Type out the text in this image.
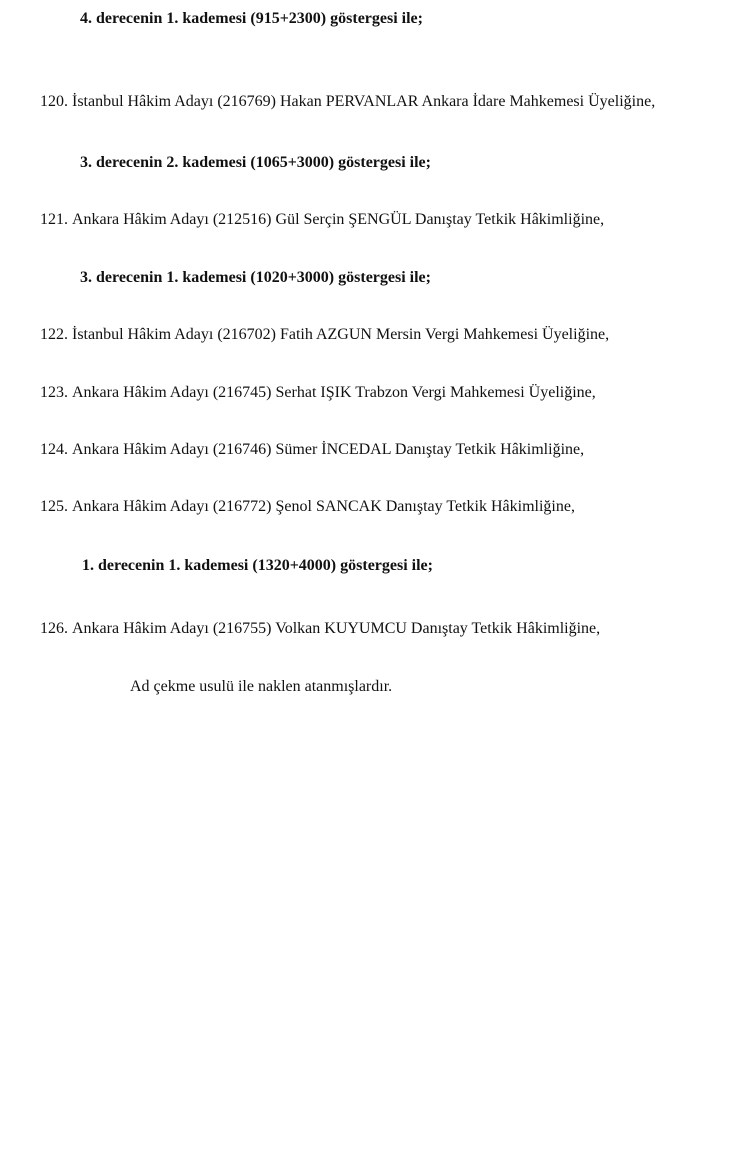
4. derecenin 1. kademesi (915+2300) göstergesi ile;
120. İstanbul Hâkim Adayı (216769) Hakan PERVANLAR Ankara İdare Mahkemesi Üyeliğine,
3. derecenin 2. kademesi (1065+3000) göstergesi ile;
121. Ankara Hâkim Adayı (212516) Gül Serçin ŞENGÜL Danıştay Tetkik Hâkimliğine,
3. derecenin 1. kademesi (1020+3000) göstergesi ile;
122. İstanbul Hâkim Adayı (216702) Fatih AZGUN Mersin Vergi Mahkemesi Üyeliğine,
123. Ankara Hâkim Adayı (216745) Serhat IŞIK Trabzon Vergi Mahkemesi Üyeliğine,
124. Ankara Hâkim Adayı (216746) Sümer İNCEDAL Danıştay Tetkik Hâkimliğine,
125. Ankara Hâkim Adayı (216772) Şenol SANCAK Danıştay Tetkik Hâkimliğine,
1. derecenin 1. kademesi (1320+4000) göstergesi ile;
126. Ankara Hâkim Adayı (216755) Volkan KUYUMCU Danıştay Tetkik Hâkimliğine,
Ad çekme usulü ile naklen atanmışlardır.
